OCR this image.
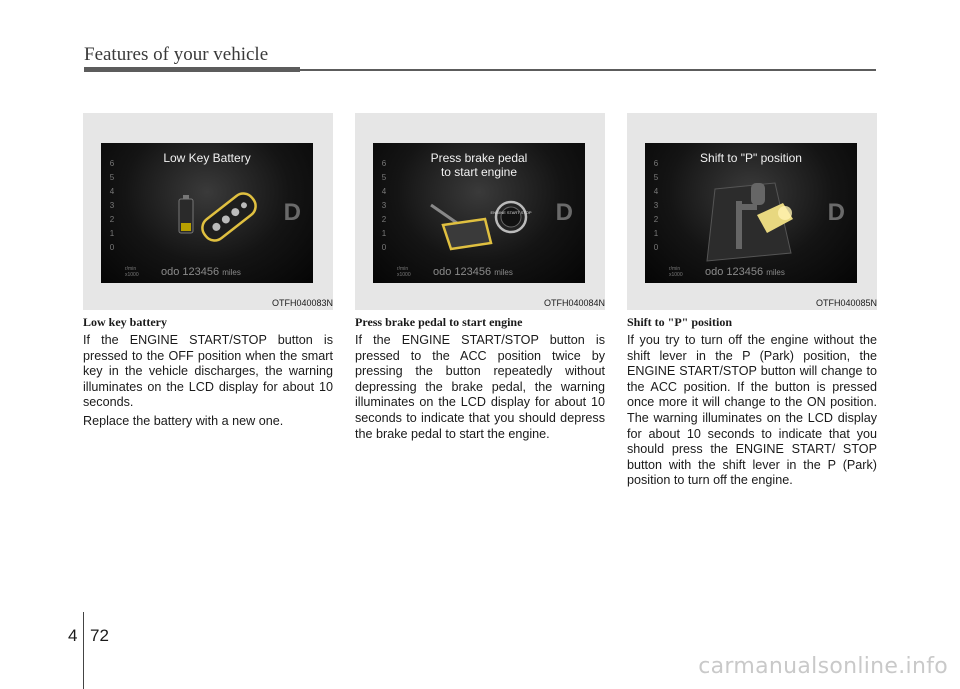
Features of your vehicle
Low Key Battery
6
5
4
3
2
1
0
D
r/min
x1000 odo 123456 miles
OTFH040083N
Low key battery

If the ENGINE START/STOP button is pressed to the OFF position when the smart key in the vehicle discharges, the warning illuminates on the LCD display for about 10 seconds.

Replace the battery with a new one.

Press brake pedal
to start engine
6
5
4
3
2
1
0
ENGINE START STOP D
r/min
x1000 odo 123456 miles
OTFH040084N
Press brake pedal to start engine

If the ENGINE START/STOP button is pressed to the ACC position twice by pressing the button repeatedly without depressing the brake pedal, the warning illuminates on the LCD display for about 10 seconds to indicate that you should depress the brake pedal to start the engine.

Shift to "P" position
6
5
4
3
2
1
0
D
r/min
x1000 odo 123456 miles
OTFH040085N
Shift to "P" position

If you try to turn off the engine without the shift lever in the P (Park) position, the ENGINE START/STOP button will change to the ACC position. If the button is pressed once more it will change to the ON position. The warning illuminates on the LCD display for about 10 seconds to indicate that you should press the ENGINE START/ STOP button with the shift lever in the P (Park) position to turn off the engine.

4 72
carmanualsonline.info
